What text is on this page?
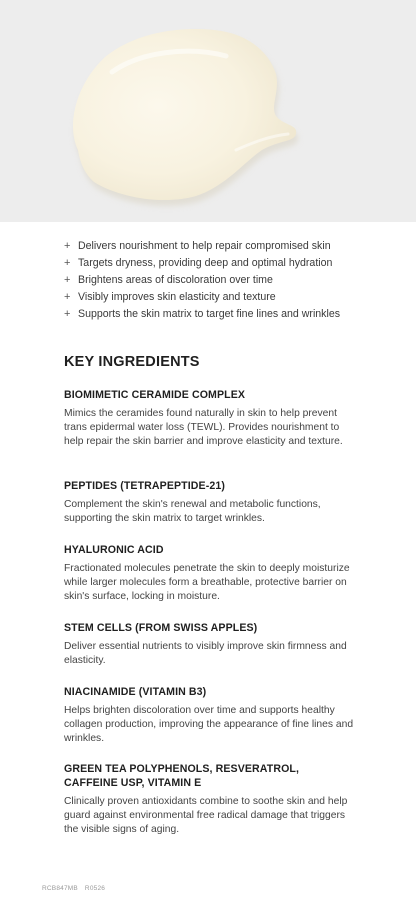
+ Delivers nourishment to help repair compromised skin
+ Targets dryness, providing deep and optimal hydration
+ Brightens areas of discoloration over time
+ Visibly improves skin elasticity and texture
+ Supports the skin matrix to target fine lines and wrinkles
KEY INGREDIENTS
BIOMIMETIC CERAMIDE COMPLEX

Mimics the ceramides found naturally in skin to help prevent trans epidermal water loss (TEWL). Provides nourishment to help repair the skin barrier and improve elasticity and texture.

PEPTIDES (TETRAPEPTIDE-21)

Complement the skin's renewal and metabolic functions, supporting the skin matrix to target wrinkles.

HYALURONIC ACID

Fractionated molecules penetrate the skin to deeply moisturize while larger molecules form a breathable, protective barrier on skin's surface, locking in moisture.

STEM CELLS (FROM SWISS APPLES)

Deliver essential nutrients to visibly improve skin firmness and elasticity.

NIACINAMIDE (VITAMIN B3)

Helps brighten discoloration over time and supports healthy collagen production, improving the appearance of fine lines and wrinkles.

GREEN TEA POLYPHENOLS, RESVERATROL, CAFFEINE USP, VITAMIN E

Clinically proven antioxidants combine to soothe skin and help guard against environmental free radical damage that triggers the visible signs of aging.

RCB847MB R0526
